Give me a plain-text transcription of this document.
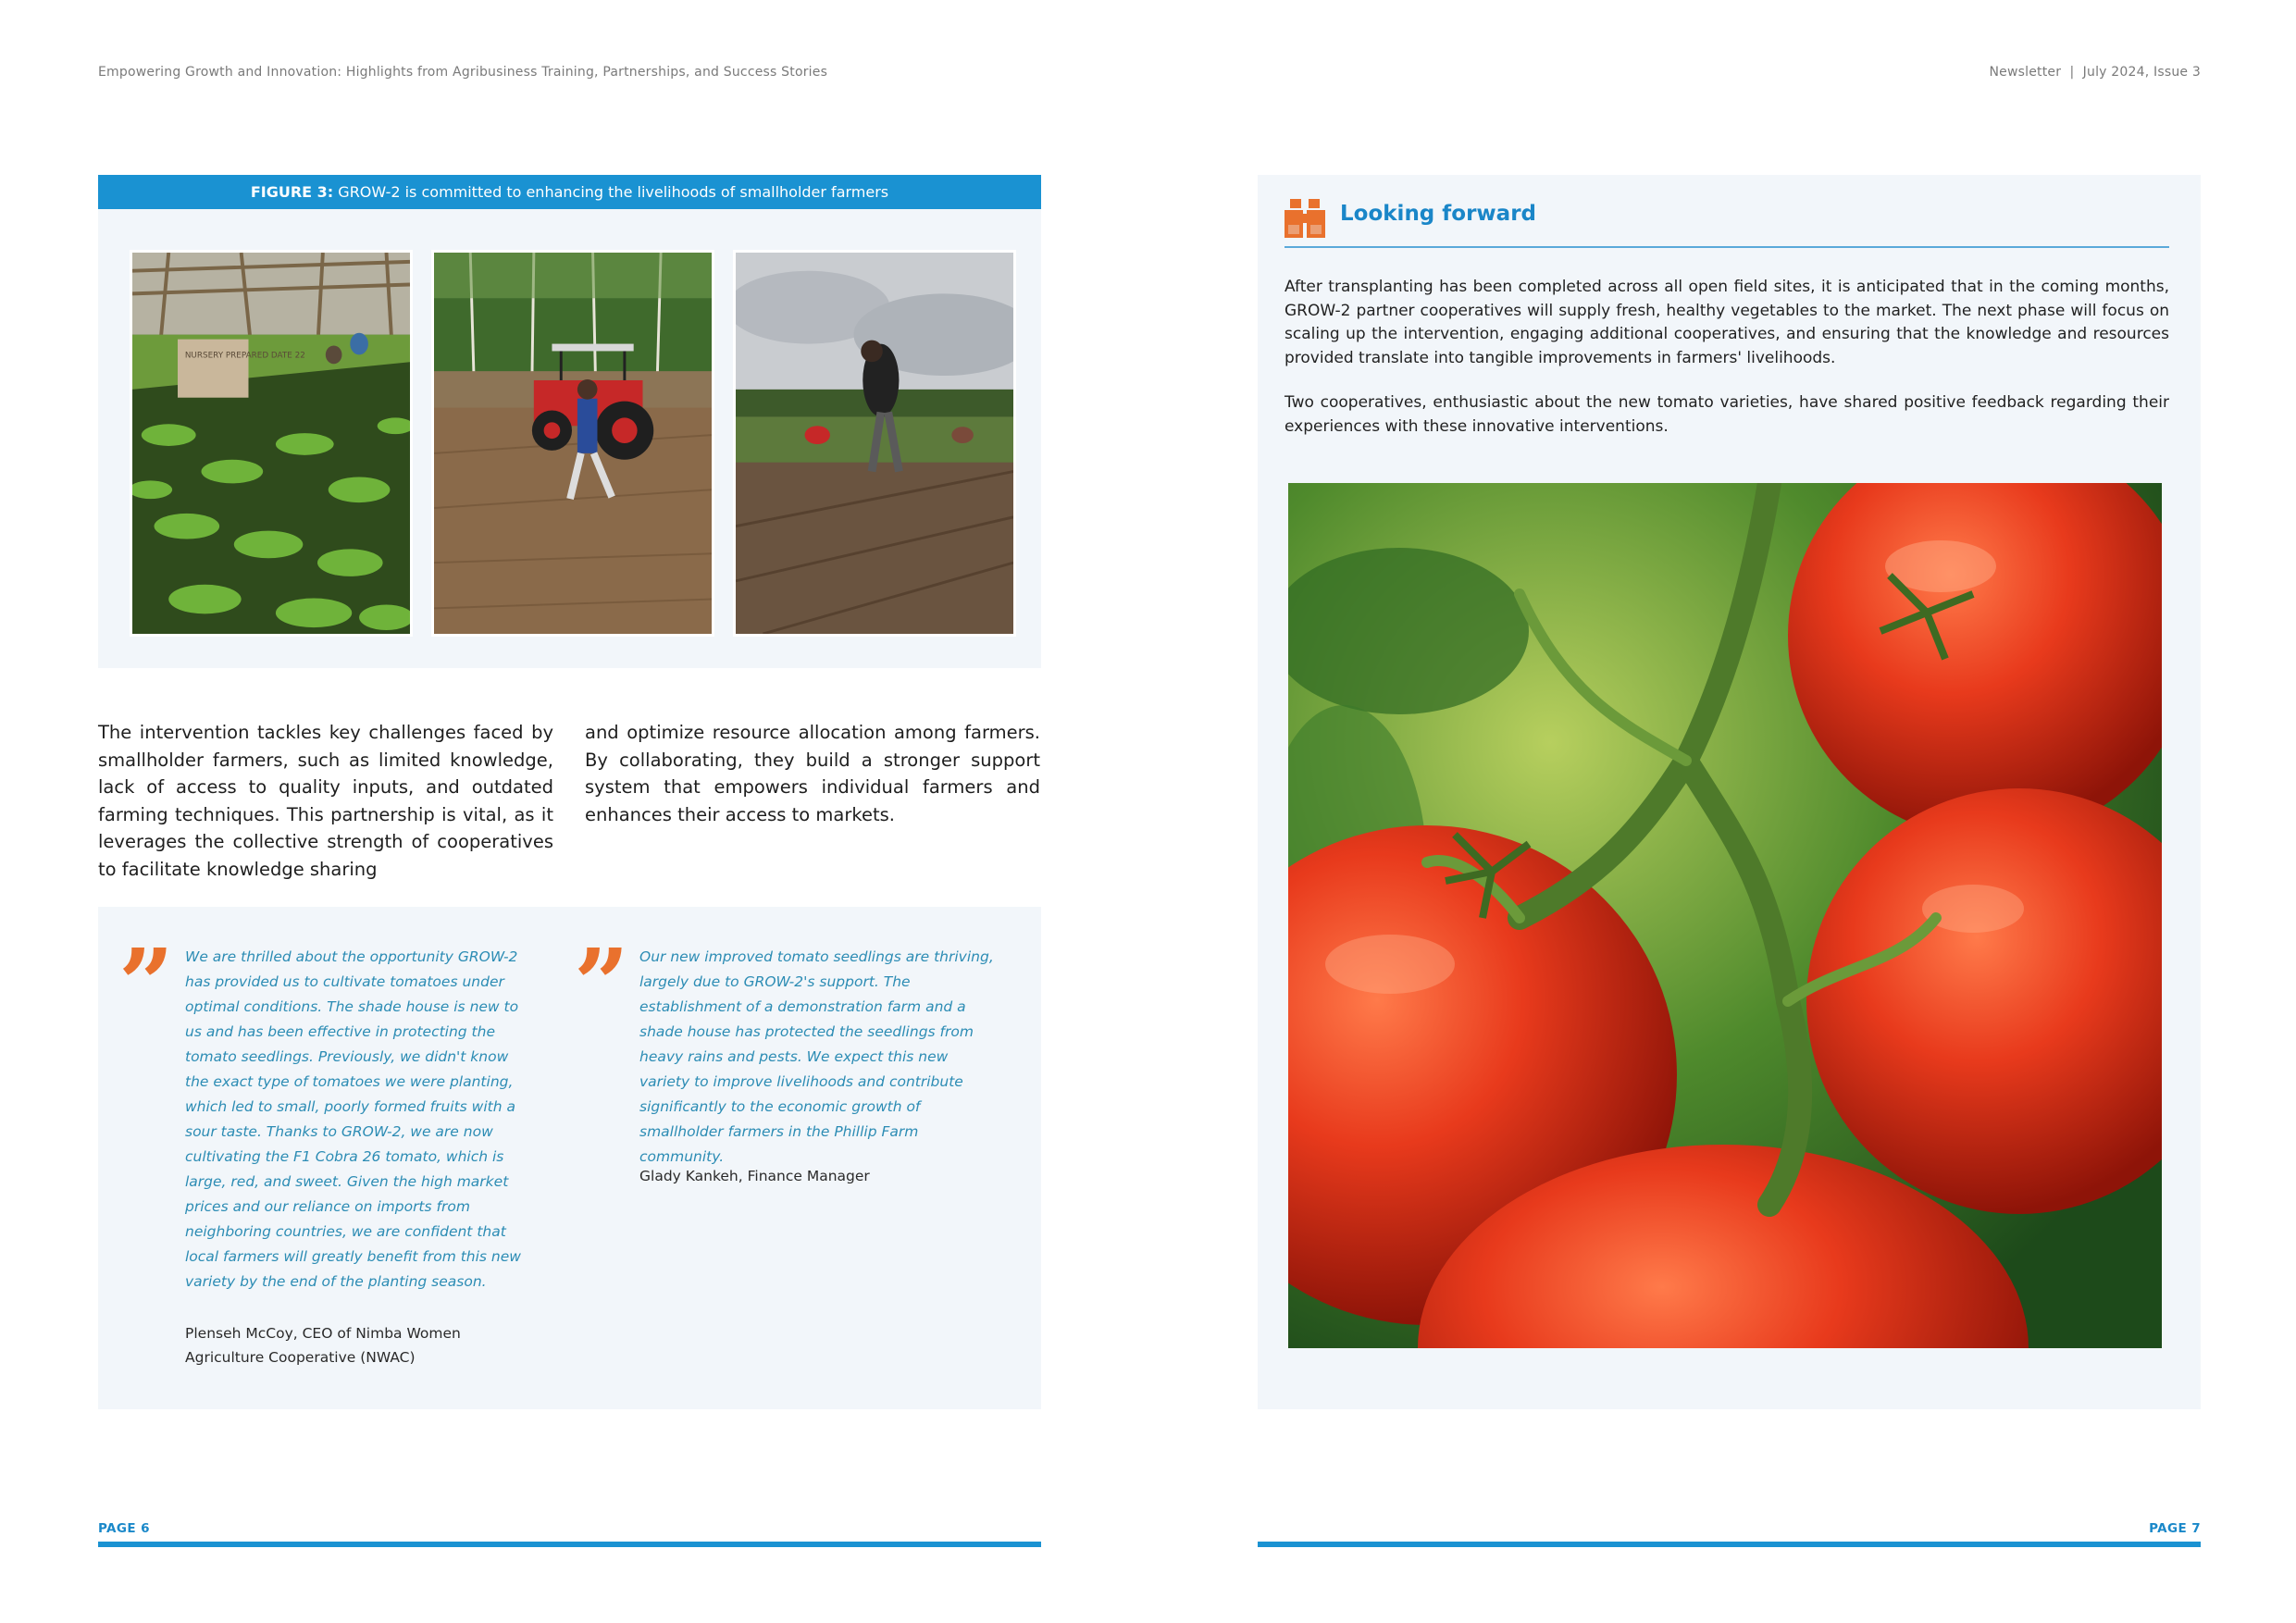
Empowering Growth and Innovation: Highlights from Agribusiness Training, Partnerships, and Success Stories	Newsletter  |  July 2024, Issue 3
FIGURE 3: GROW-2 is committed to enhancing the livelihoods of smallholder farmers
NURSERY PREPARED DATE 22
The intervention tackles key challenges faced by smallholder farmers, such as limited knowledge, lack of access to quality inputs, and outdated farming techniques. This partnership is vital, as it leverages the collective strength of cooperatives to facilitate knowledge sharing
and optimize resource allocation among farmers. By collaborating, they build a stronger support system that empowers individual farmers and enhances their access to markets.
” We are thrilled about the opportunity GROW-2 has provided us to cultivate tomatoes under optimal conditions. The shade house is new to us and has been effective in protecting the tomato seedlings. Previously, we didn't know the exact type of tomatoes we were planting, which led to small, poorly formed fruits with a sour taste. Thanks to GROW-2, we are now cultivating the F1 Cobra 26 tomato, which is large, red, and sweet. Given the high market prices and our reliance on imports from neighboring countries, we are confident that local farmers will greatly benefit from this new variety by the end of the planting season.
Plenseh McCoy, CEO of Nimba Women Agriculture Cooperative (NWAC)
” Our new improved tomato seedlings are thriving, largely due to GROW-2's support. The establishment of a demonstration farm and a shade house has protected the seedlings from heavy rains and pests. We expect this new variety to improve livelihoods and contribute significantly to the economic growth of smallholder farmers in the Phillip Farm community.
Glady Kankeh, Finance Manager
Looking forward
After transplanting has been completed across all open field sites, it is anticipated that in the coming months, GROW-2 partner cooperatives will supply fresh, healthy vegetables to the market. The next phase will focus on scaling up the intervention, engaging additional cooperatives, and ensuring that the knowledge and resources provided translate into tangible improvements in farmers' livelihoods.
Two cooperatives, enthusiastic about the new tomato varieties, have shared positive feedback regarding their experiences with these innovative interventions.
PAGE 6	PAGE 7
